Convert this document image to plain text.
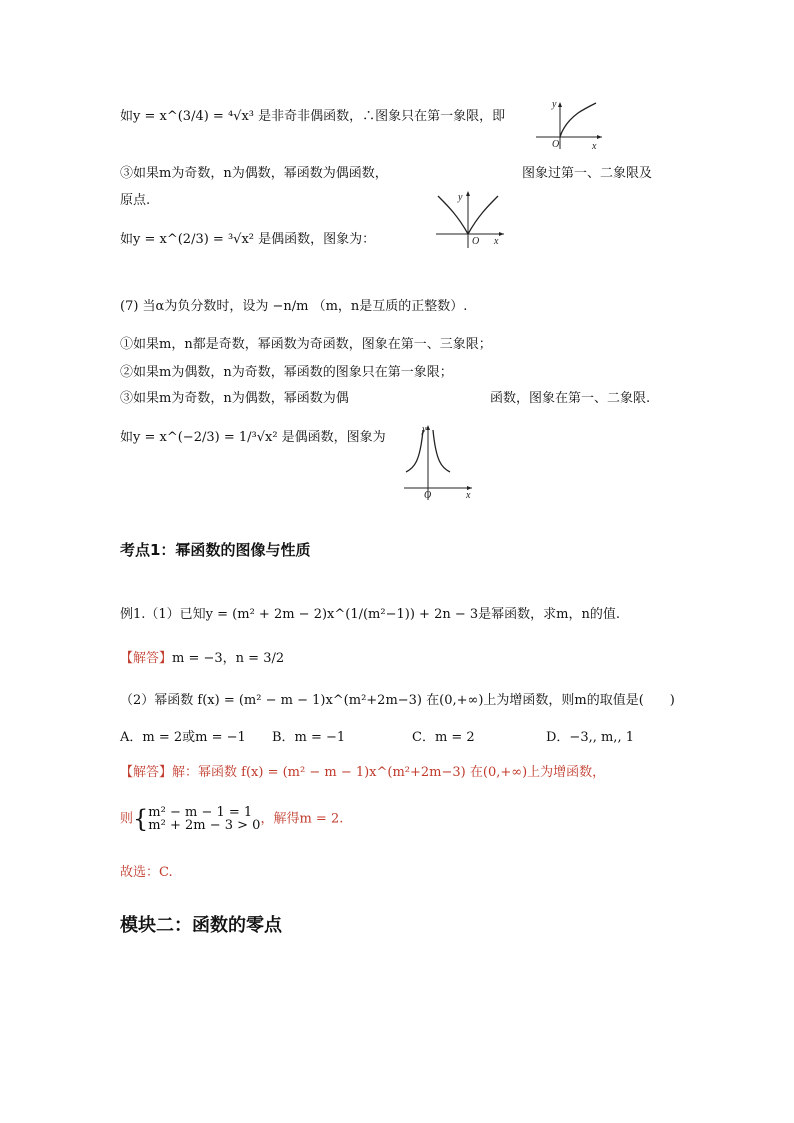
y
O	x
y
O x
y
O	x
如y = x^(3/4) = ⁴√x³ 是非奇非偶函数，∴图象只在第一象限，即
③如果m为奇数，n为偶数，幂函数为偶函数，	图象过第一、二象限及
原点.
如y = x^(2/3) = ³√x² 是偶函数，图象为：
(7) 当α为负分数时，设为 −n/m （m，n是互质的正整数）.
①如果m，n都是奇数，幂函数为奇函数，图象在第一、三象限；
②如果m为偶数，n为奇数，幂函数的图象只在第一象限；
③如果m为奇数，n为偶数，幂函数为偶	函数，图象在第一、二象限.
如y = x^(−2/3) = 1/³√x² 是偶函数，图象为
考点1：幂函数的图像与性质
例1.（1）已知y = (m² + 2m − 2)x^(1/(m²−1)) + 2n − 3是幂函数，求m，n的值.
【解答】m = −3，n = 3/2
（2）幂函数 f(x) = (m² − m − 1)x^(m²+2m−3) 在(0,+∞)上为增函数，则m的取值是(　　)
A．m = 2或m = −1 B．m = −1	C．m = 2	D．−3,, m,, 1
【解答】解：幂函数 f(x) = (m² − m − 1)x^(m²+2m−3) 在(0,+∞)上为增函数，
则{m² − m − 1 = 1
m² + 2m − 3 > 0，解得m = 2.
故选：C.
模块二：函数的零点
